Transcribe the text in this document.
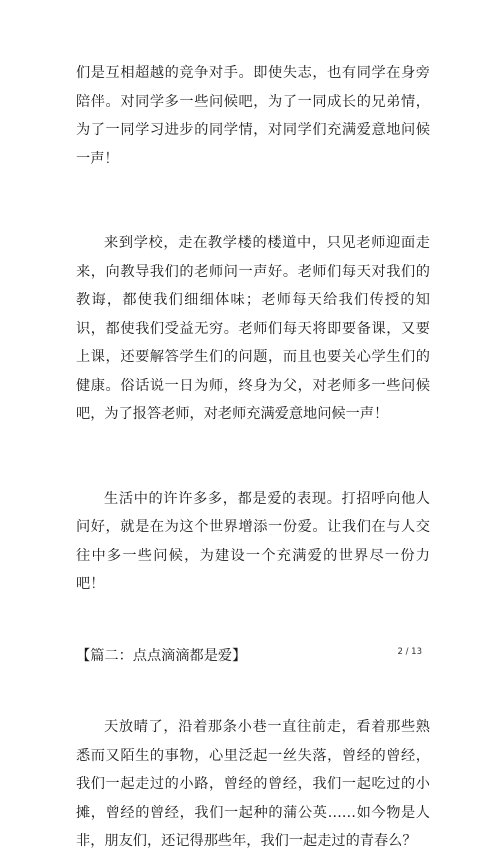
们是互相超越的竞争对手。即使失志，也有同学在身旁陪伴。对同学多一些问候吧，为了一同成长的兄弟情，为了一同学习进步的同学情，对同学们充满爱意地问候一声！

来到学校，走在教学楼的楼道中，只见老师迎面走来，向教导我们的老师问一声好。老师们每天对我们的教诲，都使我们细细体味；老师每天给我们传授的知识，都使我们受益无穷。老师们每天将即要备课，又要上课，还要解答学生们的问题，而且也要关心学生们的健康。俗话说一日为师，终身为父，对老师多一些问候吧，为了报答老师，对老师充满爱意地问候一声！

生活中的许许多多，都是爱的表现。打招呼向他人问好，就是在为这个世界增添一份爱。让我们在与人交往中多一些问候，为建设一个充满爱的世界尽一份力吧！

【篇二：点点滴滴都是爱】

天放晴了，沿着那条小巷一直往前走，看着那些熟悉而又陌生的事物，心里泛起一丝失落，曾经的曾经，我们一起走过的小路，曾经的曾经，我们一起吃过的小摊，曾经的曾经，我们一起种的蒲公英……如今物是人非，朋友们，还记得那些年，我们一起走过的青春么？

2 / 13
